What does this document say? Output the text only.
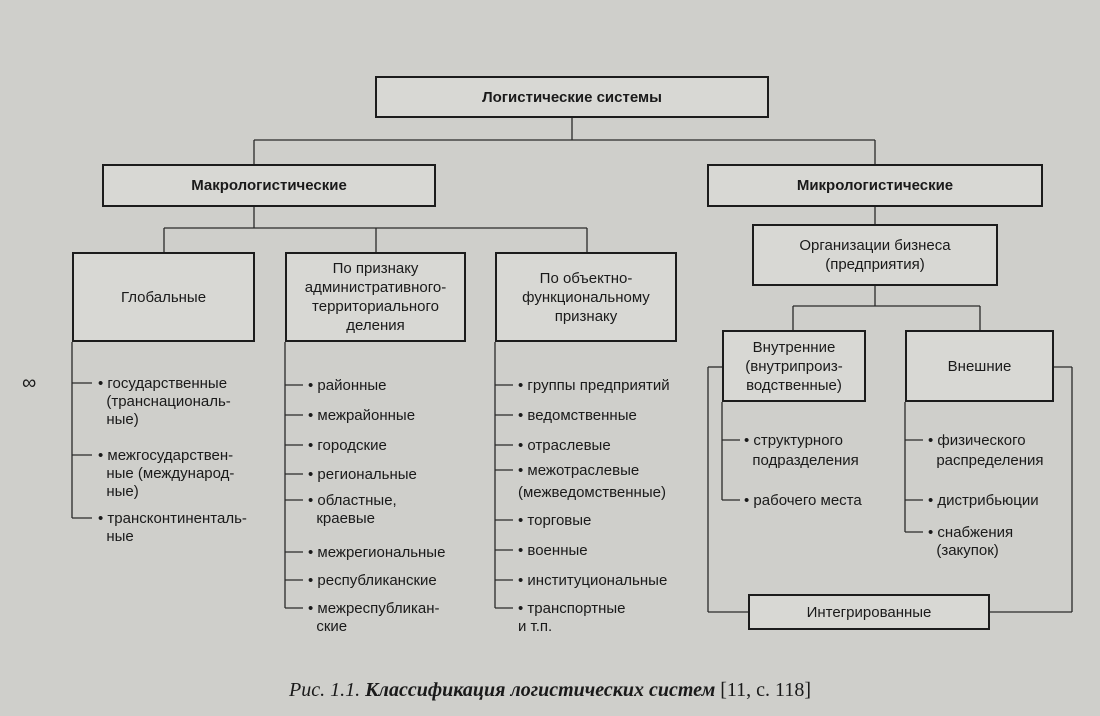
Логистические системы
Макрологистические	Микрологистические
Глобальные
По признаку
административного-
территориального
деления
По объектно-
функциональному
признаку
Организации бизнеса
(предприятия)
Внутренние
(внутрипроиз-
водственные)
Внешние
Интегрированные
• государственные
(транснациональ-
ные)
• межгосударствен-
ные (международ-
ные)
• трансконтиненталь-
ные
• районные
• межрайонные
• городские
• региональные
• областные,
краевые
• межрегиональные
• республиканские
• межреспубликан-
ские
• группы предприятий
• ведомственные
• отраслевые
• межотраслевые
(межведомственные)
• торговые
• военные
• институциональные
• транспортные
и т.п.
• структурного
подразделения
• рабочего места
• физического
распределения
• дистрибьюции
• снабжения
(закупок)
∞
Рис. 1.1. Классификация логистических систем [11, с. 118]
